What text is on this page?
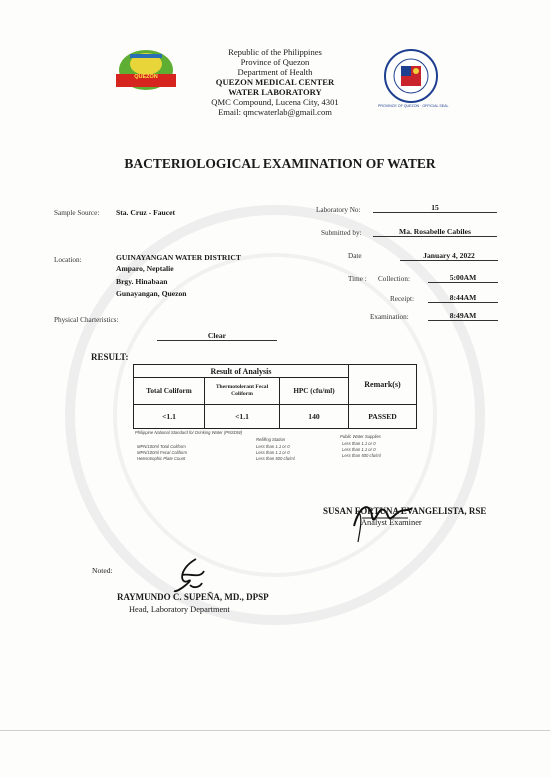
QUEZON
PROVINCE OF QUEZON · OFFICIAL SEAL
Republic of the Philippines
Province of Quezon
Department of Health
QUEZON MEDICAL CENTER
WATER LABORATORY
QMC Compound, Lucena City, 4301
Email: qmcwaterlab@gmail.com
BACTERIOLOGICAL EXAMINATION OF WATER
Sample Source: Sta. Cruz - Faucet	Laboratory No:	15
Submitted by:	Ma. Rosabelle Cabiles
Location:	GUINAYANGAN WATER DISTRICT
Amparo, Neptalie
Brgy. Hinabaan
Gunayangan, Quezon
Date	January 4, 2022
Time : Collection:	5:00AM
Receipt:	8:44AM
Examination:	8:49AM
Physical Charteristics:
Clear
RESULT:
Result of Analysis			Remark(s)
Total Coliform	Thermotolerant Fecal Coliform	HPC (cfu/ml)	
<1.1	<1.1	140	PASSED
Philippine National Standard for Drinking Water (PNSDW)
MPN/100ml Total Coliform
MPN/100ml Fecal Coliform
Heterotrophic Plate Count
Refilling Station
Less than 1.1 or 0
Less than 1.1 or 0
Less than 500 cfu/ml
Public Water Supplies
Less than 1.1 or 0
Less than 1.1 or 0
Less than 500 cfu/ml
SUSAN FORTUNA EVANGELISTA, RSE
Analyst Examiner
Noted:
RAYMUNDO C. SUPEÑA, MD., DPSP
Head, Laboratory Department
